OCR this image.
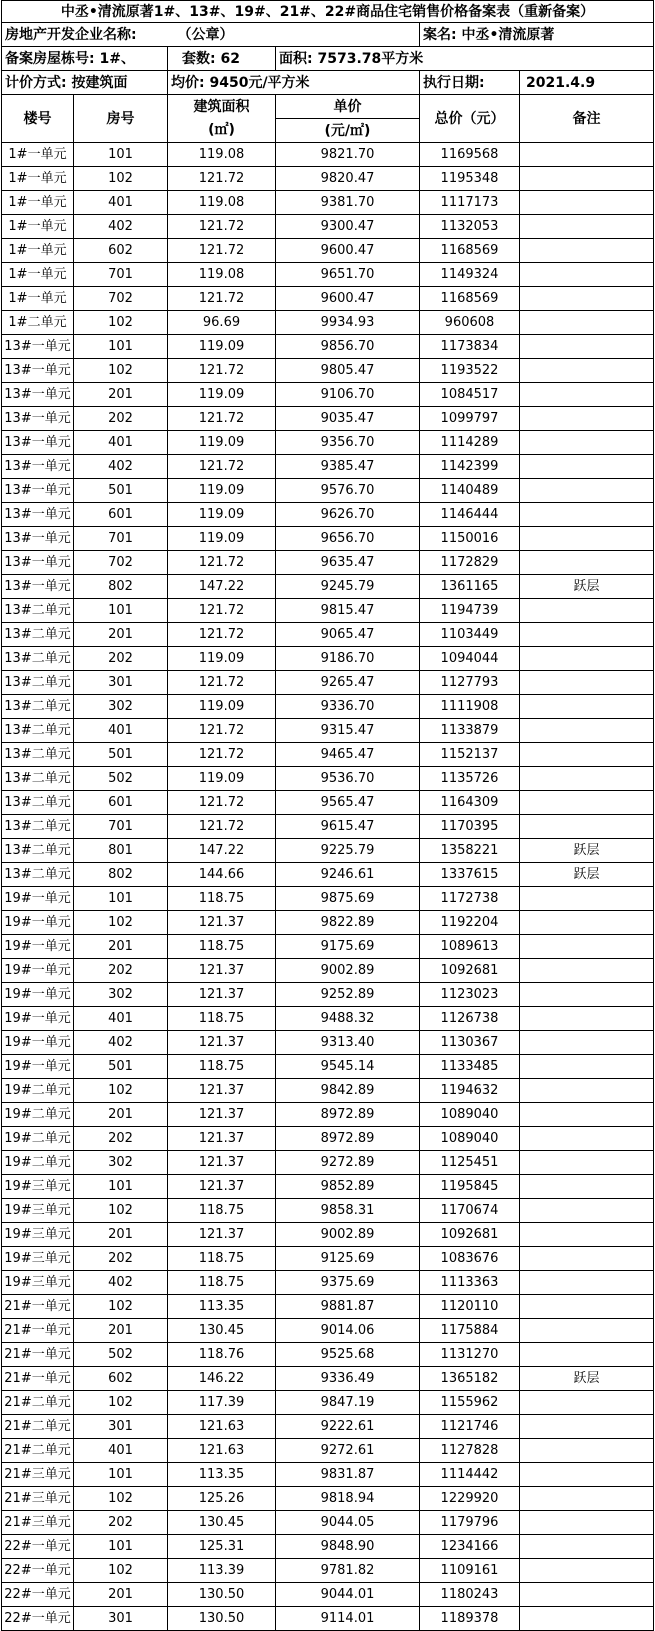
中丞•清流原著1#、13#、19#、21#、22#商品住宅销售价格备案表（重新备案）					
房地产开发企业名称:		（公章）		案名: 中丞•清流原著	
备案房屋栋号: 1#、		套数: 62	面积: 7573.78平方米		
计价方式: 按建筑面		均价: 9450元/平方米		执行日期:	2021.4.9
楼号	房号	建筑面积	单价	总价（元）	备注
		(㎡)	(元/㎡)		
1#一单元	101	119.08	9821.70	1169568	
1#一单元	102	121.72	9820.47	1195348	
1#一单元	401	119.08	9381.70	1117173	
1#一单元	402	121.72	9300.47	1132053	
1#一单元	602	121.72	9600.47	1168569	
1#一单元	701	119.08	9651.70	1149324	
1#一单元	702	121.72	9600.47	1168569	
1#二单元	102	96.69	9934.93	960608	
13#一单元	101	119.09	9856.70	1173834	
13#一单元	102	121.72	9805.47	1193522	
13#一单元	201	119.09	9106.70	1084517	
13#一单元	202	121.72	9035.47	1099797	
13#一单元	401	119.09	9356.70	1114289	
13#一单元	402	121.72	9385.47	1142399	
13#一单元	501	119.09	9576.70	1140489	
13#一单元	601	119.09	9626.70	1146444	
13#一单元	701	119.09	9656.70	1150016	
13#一单元	702	121.72	9635.47	1172829	
13#一单元	802	147.22	9245.79	1361165	跃层
13#二单元	101	121.72	9815.47	1194739	
13#二单元	201	121.72	9065.47	1103449	
13#二单元	202	119.09	9186.70	1094044	
13#二单元	301	121.72	9265.47	1127793	
13#二单元	302	119.09	9336.70	1111908	
13#二单元	401	121.72	9315.47	1133879	
13#二单元	501	121.72	9465.47	1152137	
13#二单元	502	119.09	9536.70	1135726	
13#二单元	601	121.72	9565.47	1164309	
13#二单元	701	121.72	9615.47	1170395	
13#二单元	801	147.22	9225.79	1358221	跃层
13#二单元	802	144.66	9246.61	1337615	跃层
19#一单元	101	118.75	9875.69	1172738	
19#一单元	102	121.37	9822.89	1192204	
19#一单元	201	118.75	9175.69	1089613	
19#一单元	202	121.37	9002.89	1092681	
19#一单元	302	121.37	9252.89	1123023	
19#一单元	401	118.75	9488.32	1126738	
19#一单元	402	121.37	9313.40	1130367	
19#一单元	501	118.75	9545.14	1133485	
19#二单元	102	121.37	9842.89	1194632	
19#二单元	201	121.37	8972.89	1089040	
19#二单元	202	121.37	8972.89	1089040	
19#二单元	302	121.37	9272.89	1125451	
19#三单元	101	121.37	9852.89	1195845	
19#三单元	102	118.75	9858.31	1170674	
19#三单元	201	121.37	9002.89	1092681	
19#三单元	202	118.75	9125.69	1083676	
19#三单元	402	118.75	9375.69	1113363	
21#一单元	102	113.35	9881.87	1120110	
21#一单元	201	130.45	9014.06	1175884	
21#一单元	502	118.76	9525.68	1131270	
21#一单元	602	146.22	9336.49	1365182	跃层
21#二单元	102	117.39	9847.19	1155962	
21#二单元	301	121.63	9222.61	1121746	
21#二单元	401	121.63	9272.61	1127828	
21#三单元	101	113.35	9831.87	1114442	
21#三单元	102	125.26	9818.94	1229920	
21#三单元	202	130.45	9044.05	1179796	
22#一单元	101	125.31	9848.90	1234166	
22#一单元	102	113.39	9781.82	1109161	
22#一单元	201	130.50	9044.01	1180243	
22#一单元	301	130.50	9114.01	1189378	
